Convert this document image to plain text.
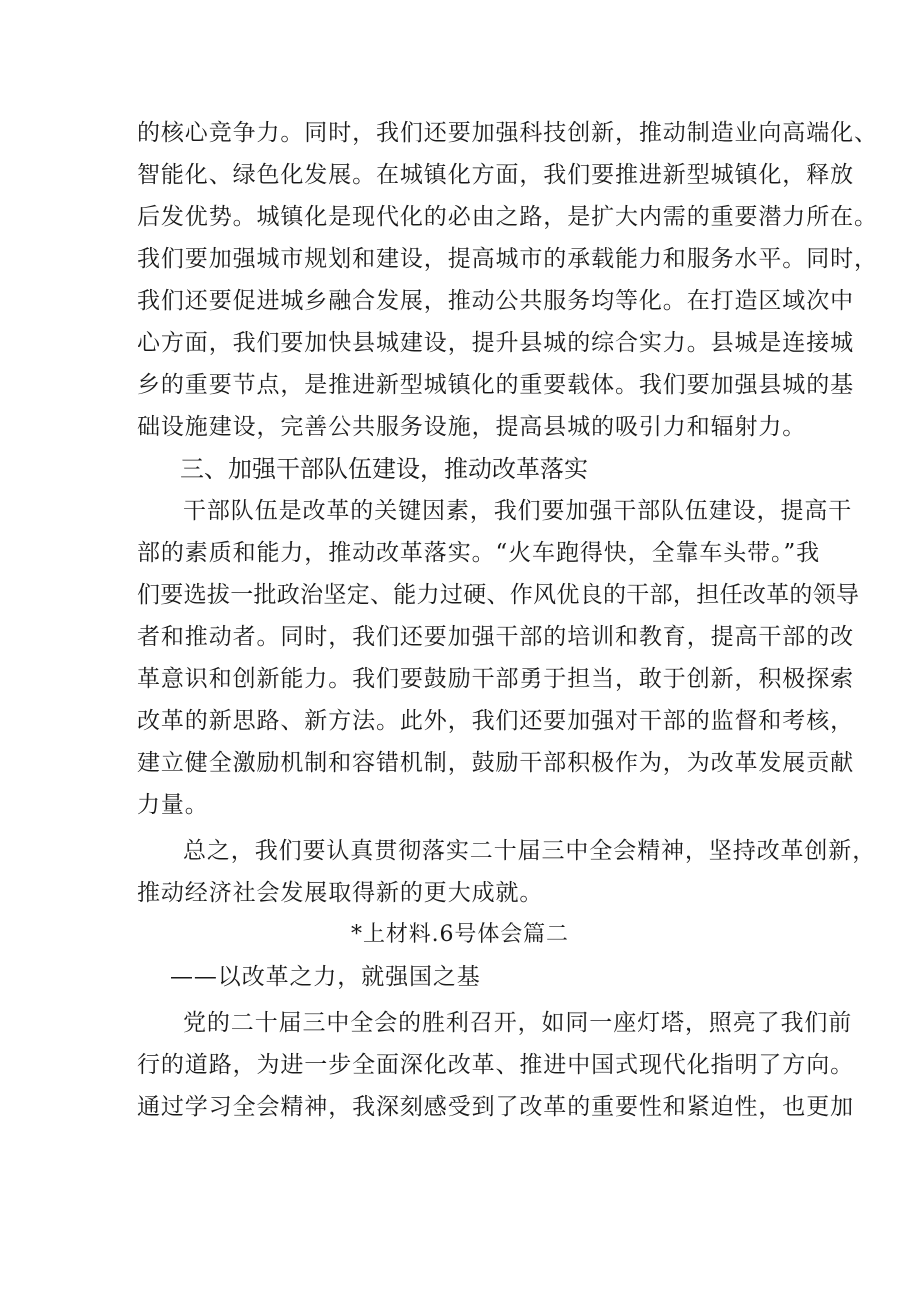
的核心竞争力。同时，我们还要加强科技创新，推动制造业向高端化、
智能化、绿色化发展。在城镇化方面，我们要推进新型城镇化，释放
后发优势。城镇化是现代化的必由之路，是扩大内需的重要潜力所在。
我们要加强城市规划和建设，提高城市的承载能力和服务水平。同时，
我们还要促进城乡融合发展，推动公共服务均等化。在打造区域次中
心方面，我们要加快县城建设，提升县城的综合实力。县城是连接城
乡的重要节点，是推进新型城镇化的重要载体。我们要加强县城的基
础设施建设，完善公共服务设施，提高县城的吸引力和辐射力。
三、加强干部队伍建设，推动改革落实
干部队伍是改革的关键因素，我们要加强干部队伍建设，提高干
部的素质和能力，推动改革落实。“火车跑得快，全靠车头带。”我
们要选拔一批政治坚定、能力过硬、作风优良的干部，担任改革的领导
者和推动者。同时，我们还要加强干部的培训和教育，提高干部的改
革意识和创新能力。我们要鼓励干部勇于担当，敢于创新，积极探索
改革的新思路、新方法。此外，我们还要加强对干部的监督和考核，
建立健全激励机制和容错机制，鼓励干部积极作为，为改革发展贡献
力量。
总之，我们要认真贯彻落实二十届三中全会精神，坚持改革创新，
推动经济社会发展取得新的更大成就。
*上材料.6号体会篇二
——以改革之力，就强国之基
党的二十届三中全会的胜利召开，如同一座灯塔，照亮了我们前
行的道路，为进一步全面深化改革、推进中国式现代化指明了方向。
通过学习全会精神，我深刻感受到了改革的重要性和紧迫性，也更加
